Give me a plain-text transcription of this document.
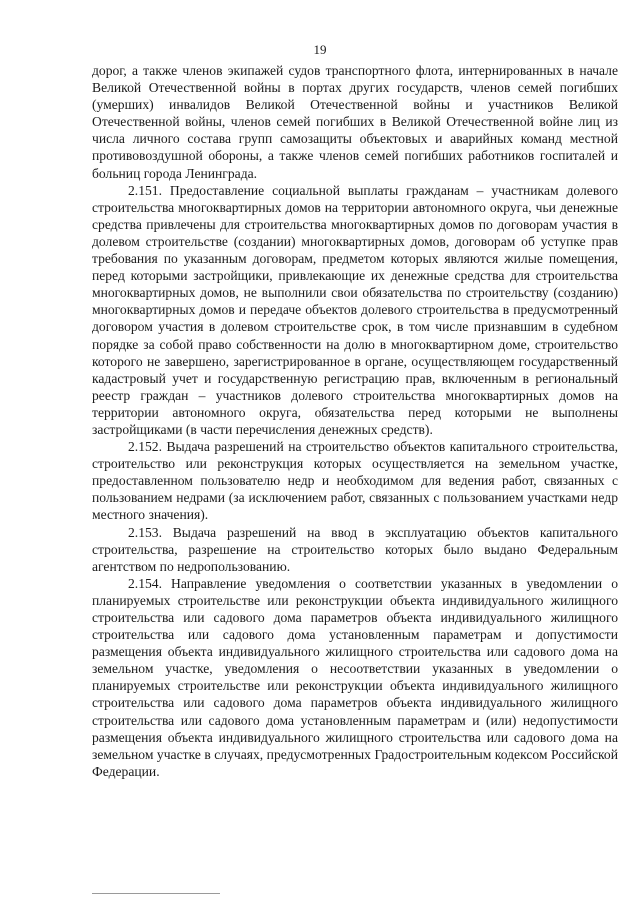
19

дорог, а также членов экипажей судов транспортного флота, интернированных в начале Великой Отечественной войны в портах других государств, членов семей погибших (умерших) инвалидов Великой Отечественной войны и участников Великой Отечественной войны, членов семей погибших в Великой Отечественной войне лиц из числа личного состава групп самозащиты объектовых и аварийных команд местной противовоздушной обороны, а также членов семей погибших работников госпиталей и больниц города Ленинграда.

2.151. Предоставление социальной выплаты гражданам – участникам долевого строительства многоквартирных домов на территории автономного округа, чьи денежные средства привлечены для строительства многоквартирных домов по договорам участия в долевом строительстве (создании) многоквартирных домов, договорам об уступке прав требования по указанным договорам, предметом которых являются жилые помещения, перед которыми застройщики, привлекающие их денежные средства для строительства многоквартирных домов, не выполнили свои обязательства по строительству (созданию) многоквартирных домов и передаче объектов долевого строительства в предусмотренный договором участия в долевом строительстве срок, в том числе признавшим в судебном порядке за собой право собственности на долю в многоквартирном доме, строительство которого не завершено, зарегистрированное в органе, осуществляющем государственный кадастровый учет и государственную регистрацию прав, включенным в региональный реестр граждан – участников долевого строительства многоквартирных домов на территории автономного округа, обязательства перед которыми не выполнены застройщиками (в части перечисления денежных средств).

2.152. Выдача разрешений на строительство объектов капитального строительства, строительство или реконструкция которых осуществляется на земельном участке, предоставленном пользователю недр и необходимом для ведения работ, связанных с пользованием недрами (за исключением работ, связанных с пользованием участками недр местного значения).

2.153. Выдача разрешений на ввод в эксплуатацию объектов капитального строительства, разрешение на строительство которых было выдано Федеральным агентством по недропользованию.

2.154. Направление уведомления о соответствии указанных в уведомлении о планируемых строительстве или реконструкции объекта индивидуального жилищного строительства или садового дома параметров объекта индивидуального жилищного строительства или садового дома установленным параметрам и допустимости размещения объекта индивидуального жилищного строительства или садового дома на земельном участке, уведомления о несоответствии указанных в уведомлении о планируемых строительстве или реконструкции объекта индивидуального жилищного строительства или садового дома параметров объекта индивидуального жилищного строительства или садового дома установленным параметрам и (или) недопустимости размещения объекта индивидуального жилищного строительства или садового дома на земельном участке в случаях, предусмотренных Градостроительным кодексом Российской Федерации.
